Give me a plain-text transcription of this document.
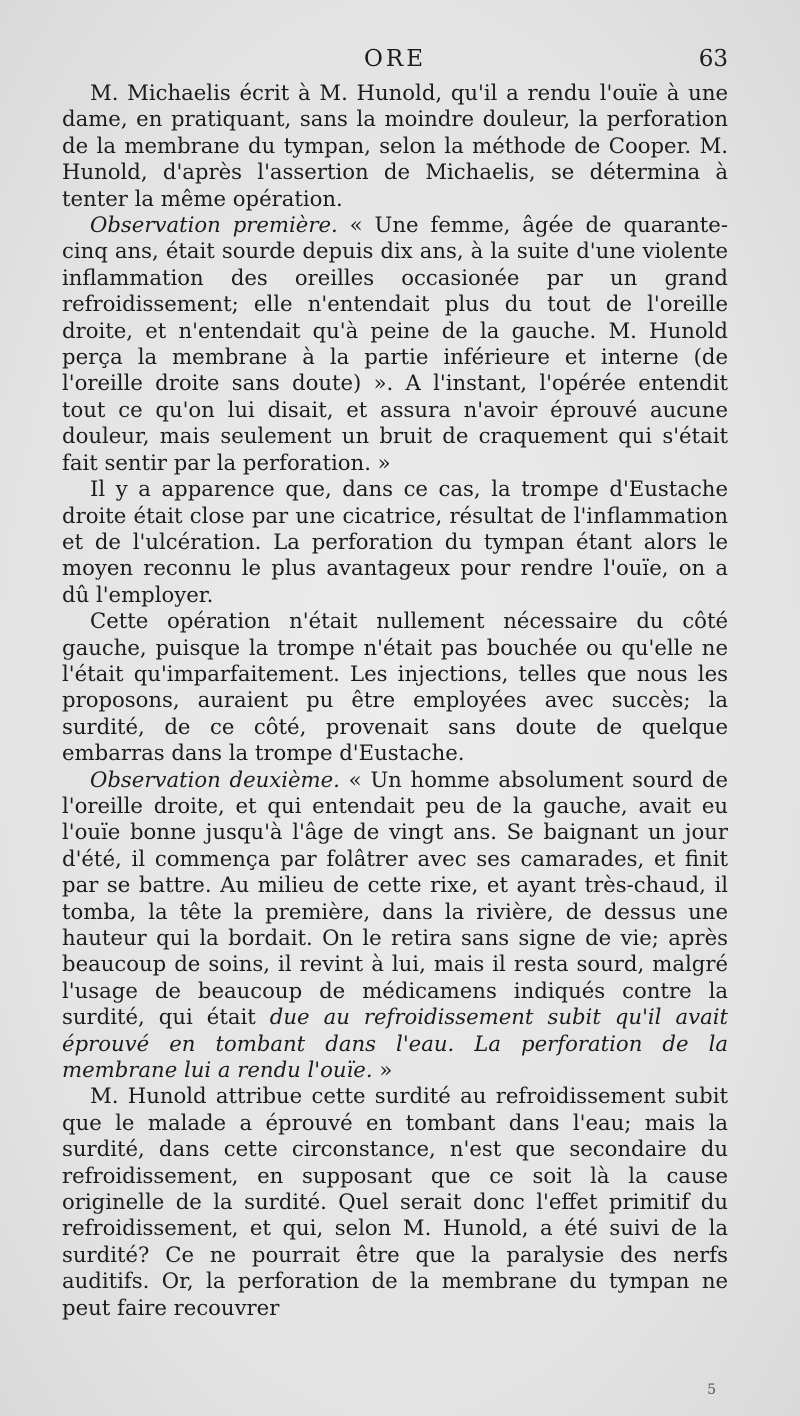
ORE	63

M. Michaelis écrit à M. Hunold, qu'il a rendu l'ouïe à une dame, en pratiquant, sans la moindre douleur, la perforation de la membrane du tympan, selon la méthode de Cooper. M. Hunold, d'après l'assertion de Michaelis, se détermina à tenter la même opération.

Observation première. « Une femme, âgée de quarante-cinq ans, était sourde depuis dix ans, à la suite d'une violente inflammation des oreilles occasionée par un grand refroidissement; elle n'entendait plus du tout de l'oreille droite, et n'entendait qu'à peine de la gauche. M. Hunold perça la membrane à la partie inférieure et interne (de l'oreille droite sans doute) ». A l'instant, l'opérée entendit tout ce qu'on lui disait, et assura n'avoir éprouvé aucune douleur, mais seulement un bruit de craquement qui s'était fait sentir par la perforation. »

Il y a apparence que, dans ce cas, la trompe d'Eustache droite était close par une cicatrice, résultat de l'inflammation et de l'ulcération. La perforation du tympan étant alors le moyen reconnu le plus avantageux pour rendre l'ouïe, on a dû l'employer.

Cette opération n'était nullement nécessaire du côté gauche, puisque la trompe n'était pas bouchée ou qu'elle ne l'était qu'imparfaitement. Les injections, telles que nous les proposons, auraient pu être employées avec succès; la surdité, de ce côté, provenait sans doute de quelque embarras dans la trompe d'Eustache.

Observation deuxième. « Un homme absolument sourd de l'oreille droite, et qui entendait peu de la gauche, avait eu l'ouïe bonne jusqu'à l'âge de vingt ans. Se baignant un jour d'été, il commença par folâtrer avec ses camarades, et finit par se battre. Au milieu de cette rixe, et ayant très-chaud, il tomba, la tête la première, dans la rivière, de dessus une hauteur qui la bordait. On le retira sans signe de vie; après beaucoup de soins, il revint à lui, mais il resta sourd, malgré l'usage de beaucoup de médicamens indiqués contre la surdité, qui était due au refroidissement subit qu'il avait éprouvé en tombant dans l'eau. La perforation de la membrane lui a rendu l'ouïe. »

M. Hunold attribue cette surdité au refroidissement subit que le malade a éprouvé en tombant dans l'eau; mais la surdité, dans cette circonstance, n'est que secondaire du refroidissement, en supposant que ce soit là la cause originelle de la surdité. Quel serait donc l'effet primitif du refroidissement, et qui, selon M. Hunold, a été suivi de la surdité? Ce ne pourrait être que la paralysie des nerfs auditifs. Or, la perforation de la membrane du tympan ne peut faire recouvrer

5
